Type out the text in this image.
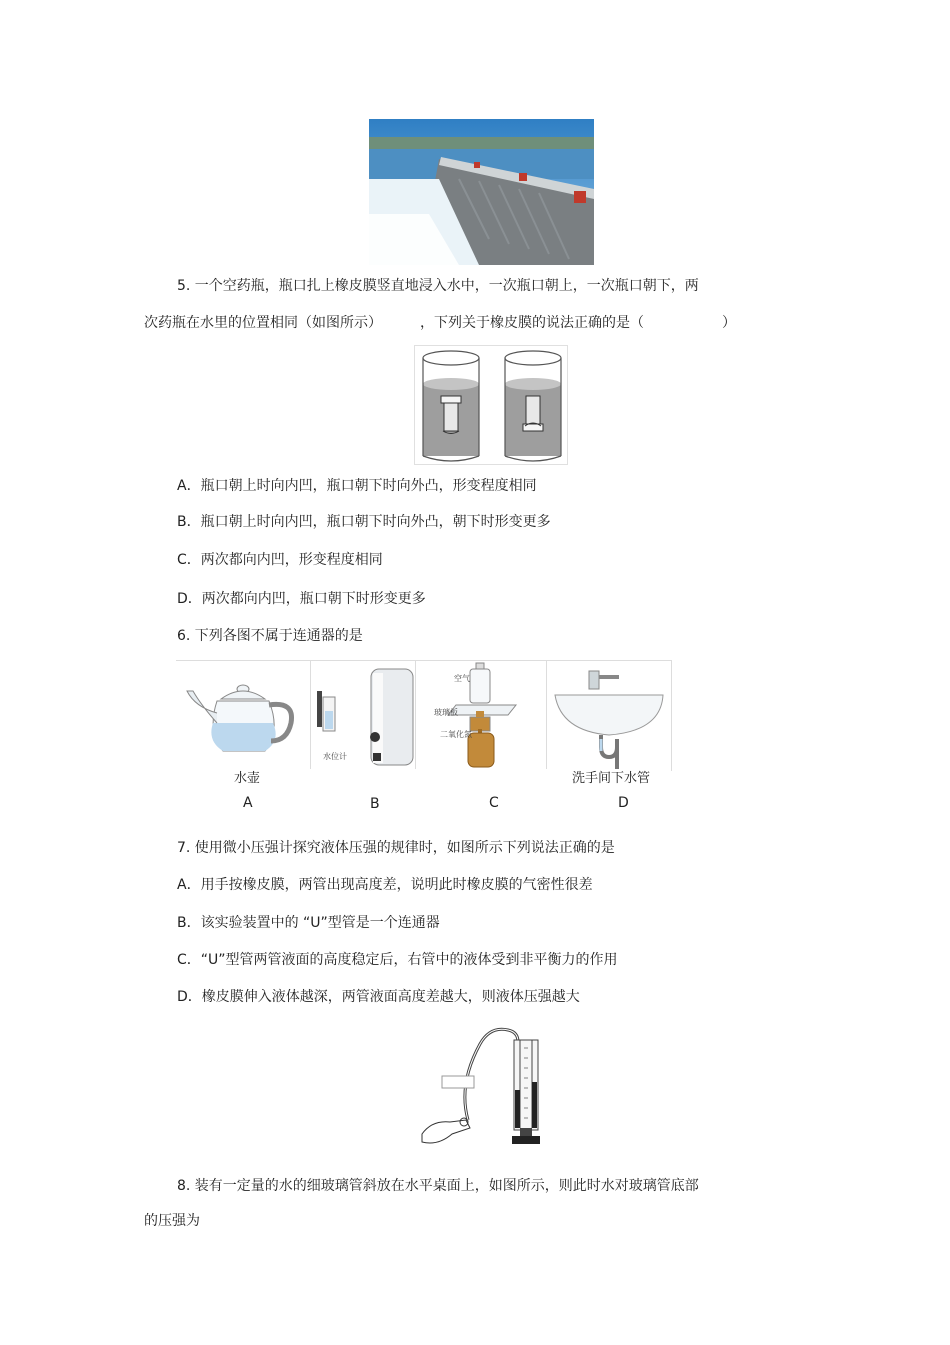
5. 一个空药瓶，瓶口扎上橡皮膜竖直地浸入水中，一次瓶口朝上，一次瓶口朝下，两
次药瓶在水里的位置相同（如图所示）	，下列关于橡皮膜的说法正确的是（	）
A．瓶口朝上时向内凹，瓶口朝下时向外凸，形变程度相同
B．瓶口朝上时向内凹，瓶口朝下时向外凸，朝下时形变更多
C．两次都向内凹，形变程度相同
D．两次都向内凹，瓶口朝下时形变更多
6. 下列各图不属于连通器的是
水位计
空气
玻璃板
二氧化氮
水壶	洗手间下水管
A	B	C	D
7. 使用微小压强计探究液体压强的规律时，如图所示下列说法正确的是
A．用手按橡皮膜，两管出现高度差，说明此时橡皮膜的气密性很差
B．该实验装置中的 “U”型管是一个连通器
C．“U”型管两管液面的高度稳定后，右管中的液体受到非平衡力的作用
D．橡皮膜伸入液体越深，两管液面高度差越大，则液体压强越大
8. 装有一定量的水的细玻璃管斜放在水平桌面上，如图所示，则此时水对玻璃管底部
的压强为
